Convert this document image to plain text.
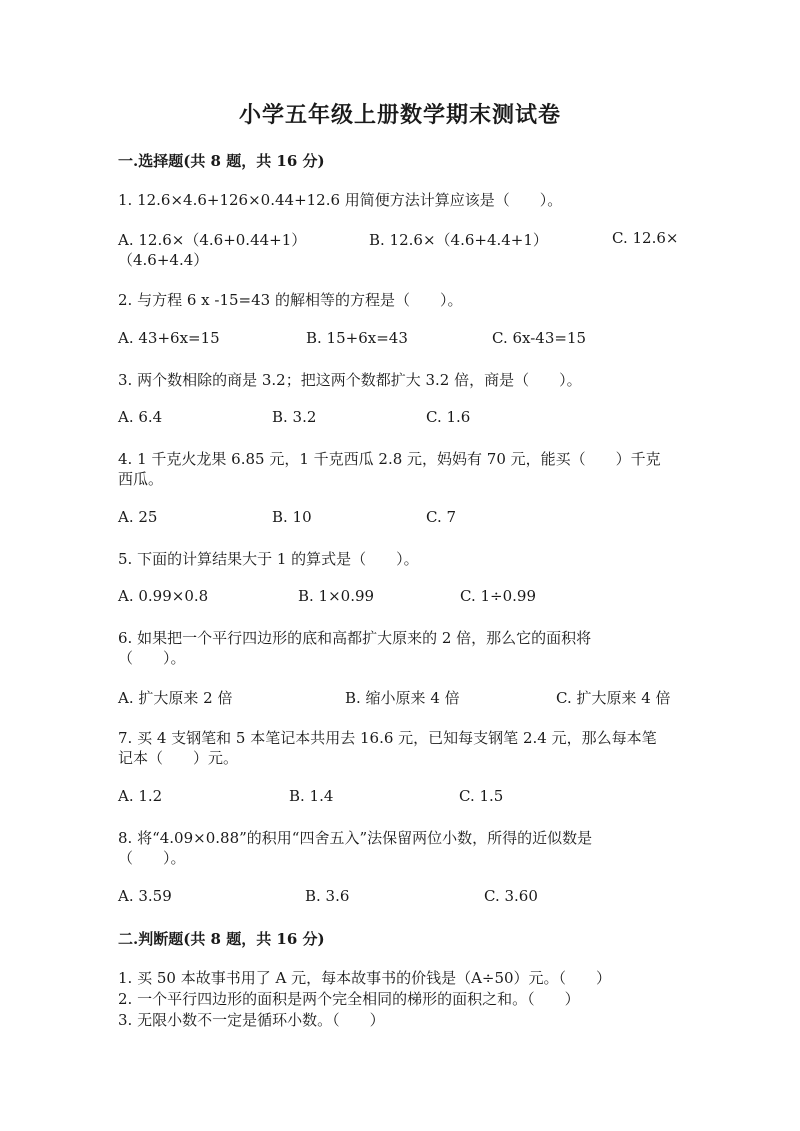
小学五年级上册数学期末测试卷
一.选择题(共 8 题，共 16 分)
1. 12.6×4.6+126×0.44+12.6 用简便方法计算应该是（　　）。
A. 12.6×（4.6+0.44+1）	B. 12.6×（4.6+4.4+1）	C. 12.6×
（4.6+4.4）
2. 与方程 6 x -15=43 的解相等的方程是（　　）。
A. 43+6x=15	B. 15+6x=43	C. 6x-43=15
3. 两个数相除的商是 3.2；把这两个数都扩大 3.2 倍，商是（　　）。
A. 6.4	B. 3.2	C. 1.6
4. 1 千克火龙果 6.85 元，1 千克西瓜 2.8 元，妈妈有 70 元，能买（　　）千克
西瓜。
A. 25	B. 10	C. 7
5. 下面的计算结果大于 1 的算式是（　　）。
A. 0.99×0.8	B. 1×0.99	C. 1÷0.99
6. 如果把一个平行四边形的底和高都扩大原来的 2 倍，那么它的面积将
（　　）。
A. 扩大原来 2 倍	B. 缩小原来 4 倍	C. 扩大原来 4 倍
7. 买 4 支钢笔和 5 本笔记本共用去 16.6 元，已知每支钢笔 2.4 元，那么每本笔
记本（　　）元。
A. 1.2	B. 1.4	C. 1.5
8. 将“4.09×0.88”的积用“四舍五入”法保留两位小数，所得的近似数是
（　　）。
A. 3.59	B. 3.6	C. 3.60
二.判断题(共 8 题，共 16 分)
1. 买 50 本故事书用了 A 元，每本故事书的价钱是（A÷50）元。（　　）
2. 一个平行四边形的面积是两个完全相同的梯形的面积之和。（　　）
3. 无限小数不一定是循环小数。（　　）
